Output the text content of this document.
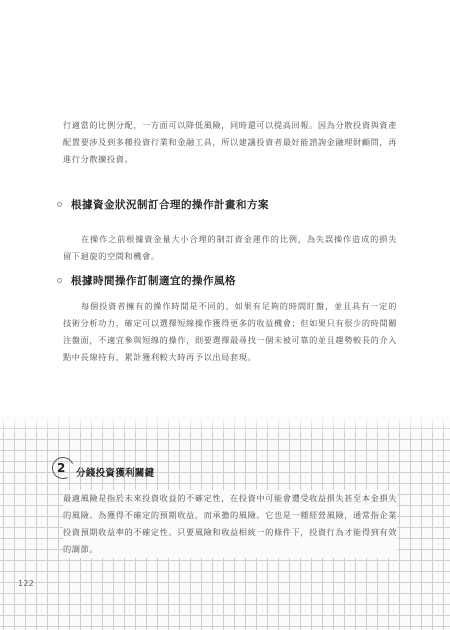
行適當的比例分配，一方面可以降低風險，同時還可以提高回報。因為分散投資與資產配置要涉及到多種投資行業和金融工具，所以建議投資者最好能諮詢金融理財顧問，再進行分散擴投資。
根據資金狀況制訂合理的操作計畫和方案
在操作之前根據資金量大小合理的制訂資金運作的比例，為失誤操作造成的損失留下迴旋的空間和機會。
根據時間操作訂制適宜的操作風格
每個投資者擁有的操作時間是不同的，如果有足夠的時間盯盤，並且具有一定的技術分析功力，確定可以選擇短線操作獲得更多的收益機會；但如果只有很少的時間關注盤面，不適宜參與短線的操作，則要選擇最尋找一個未被可靠的並且趨勢較長的介入點中長線持有，累計獲利較大時再予以出局套現。
2 分錢投資獲利關鍵
最適風險是指於未來投資收益的不確定性，在投資中可能會遭受收益損失甚至本金損失的風險。為獲得不確定的預期收益，而承擔的風險。它也是一種經營風險，通常指企業投資預期收益率的不確定性。只要風險和收益相統一的條件下，投資行為才能得到有效的調節。
122
